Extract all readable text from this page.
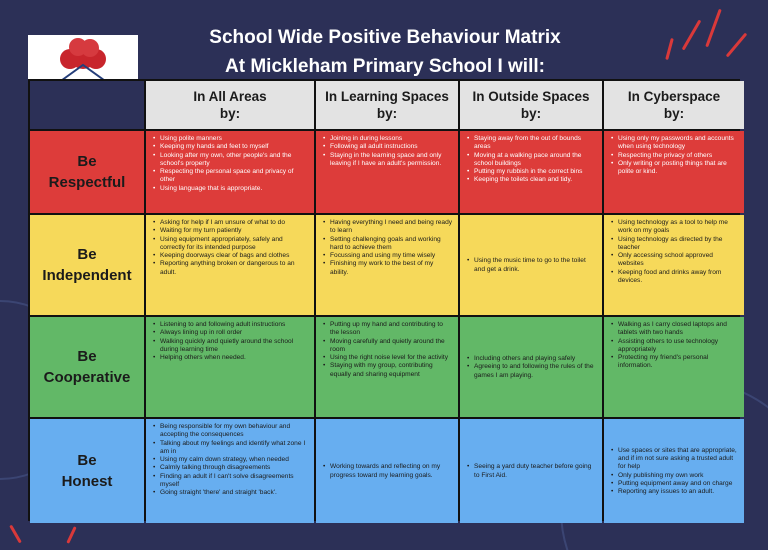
School Wide Positive Behaviour Matrix
At Mickleham Primary School I will:
In All Areas
by:
In Learning Spaces
by:
In Outside Spaces
by:
In Cyberspace
by:
Be
Respectful
• Using polite manners
• Keeping my hands and feet to myself
• Looking after my own, other people's and the school's property
• Respecting the personal space and privacy of other
• Using language that is appropriate.
• Joining in during lessons
• Following all adult instructions
• Staying in the learning space and only leaving if I have an adult's permission.
• Staying away from the out of bounds areas
• Moving at a walking pace around the school buildings
• Putting my rubbish in the correct bins
• Keeping the toilets clean and tidy.
• Using only my passwords and accounts when using technology
• Respecting the privacy of others
• Only writing or posting things that are polite or kind.
Be
Independent
• Asking for help if I am unsure of what to do
• Waiting for my turn patiently
• Using equipment appropriately, safely and correctly for its intended purpose
• Keeping doorways clear of bags and clothes
• Reporting anything broken or dangerous to an adult.
• Having everything I need and being ready to learn
• Setting challenging goals and working hard to achieve them
• Focussing and using my time wisely
• Finishing my work to the best of my ability.
• Using the music time to go to the toilet and get a drink.
• Using technology as a tool to help me work on my goals
• Using technology as directed by the teacher
• Only accessing school approved websites
• Keeping food and drinks away from devices.
Be
Cooperative
• Listening to and following adult instructions
• Always lining up in roll order
• Walking quickly and quietly around the school during learning time
• Helping others when needed.
• Putting up my hand and contributing to the lesson
• Moving carefully and quietly around the room
• Using the right noise level for the activity
• Staying with my group, contributing equally and sharing equipment
• Including others and playing safely
• Agreeing to and following the rules of the games I am playing.
• Walking as I carry closed laptops and tablets with two hands
• Assisting others to use technology appropriately
• Protecting my friend's personal information.
Be
Honest
• Being responsible for my own behaviour and accepting the consequences
• Talking about my feelings and identify what zone I am in
• Using my calm down strategy, when needed
• Calmly talking through disagreements
• Finding an adult if I can't solve disagreements myself
• Going straight 'there' and straight 'back'.
• Working towards and reflecting on my progress toward my learning goals.
• Seeing a yard duty teacher before going to First Aid.
• Use spaces or sites that are appropriate, and if im not sure asking a trusted adult for help
• Only publishing my own work
• Putting equipment away and on charge
• Reporting any issues to an adult.
